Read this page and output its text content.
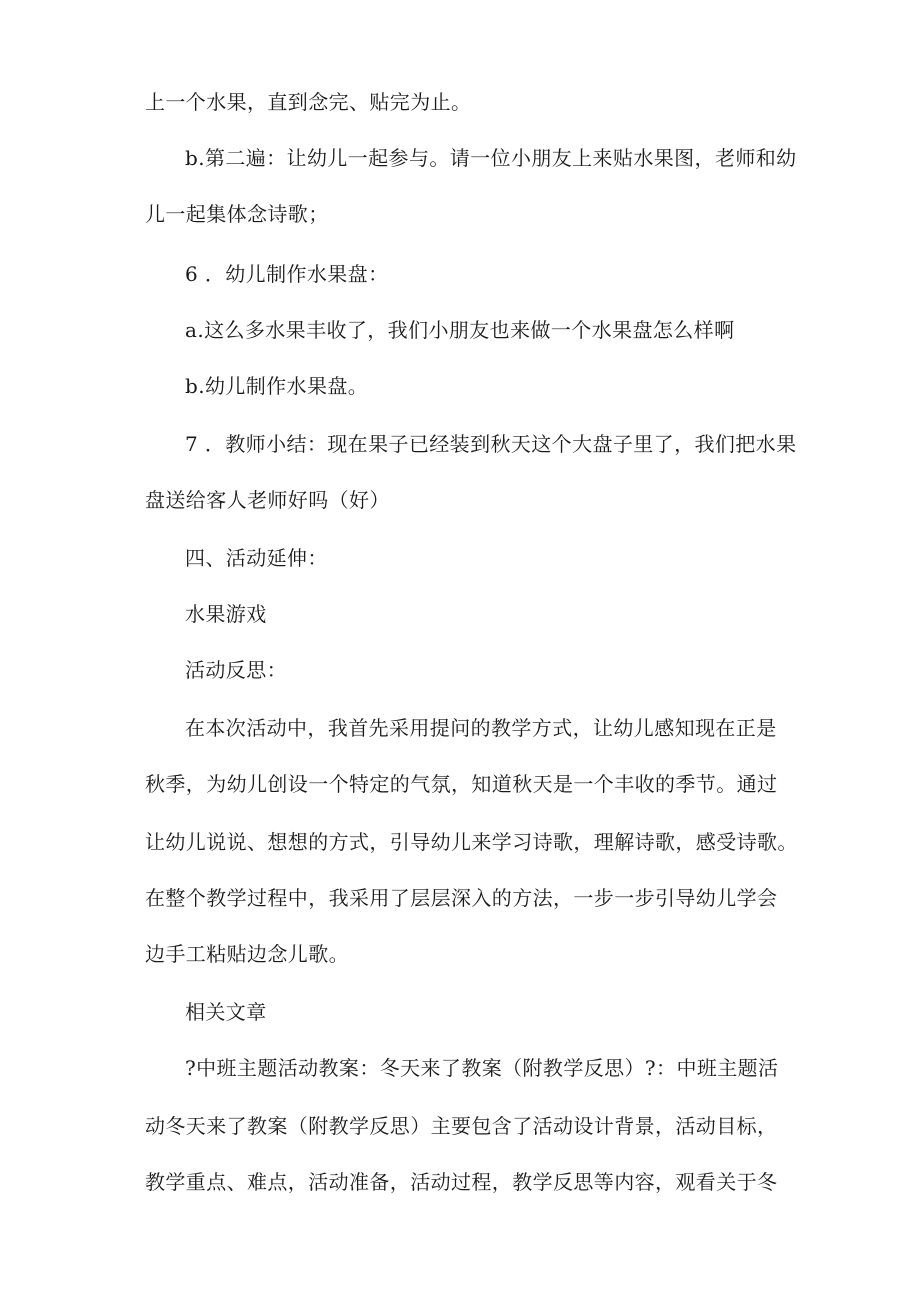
上一个水果，直到念完、贴完为止。
b.第二遍：让幼儿一起参与。请一位小朋友上来贴水果图，老师和幼
儿一起集体念诗歌；
6 ．幼儿制作水果盘：
a.这么多水果丰收了，我们小朋友也来做一个水果盘怎么样啊
b.幼儿制作水果盘。
7 ．教师小结：现在果子已经装到秋天这个大盘子里了，我们把水果
盘送给客人老师好吗（好）
四、活动延伸：
水果游戏
活动反思：
在本次活动中，我首先采用提问的教学方式，让幼儿感知现在正是
秋季，为幼儿创设一个特定的气氛，知道秋天是一个丰收的季节。通过
让幼儿说说、想想的方式，引导幼儿来学习诗歌，理解诗歌，感受诗歌。
在整个教学过程中，我采用了层层深入的方法，一步一步引导幼儿学会
边手工粘贴边念儿歌。
相关文章
?中班主题活动教案：冬天来了教案（附教学反思）?：中班主题活
动冬天来了教案（附教学反思）主要包含了活动设计背景，活动目标，
教学重点、难点，活动准备，活动过程，教学反思等内容，观看关于冬
